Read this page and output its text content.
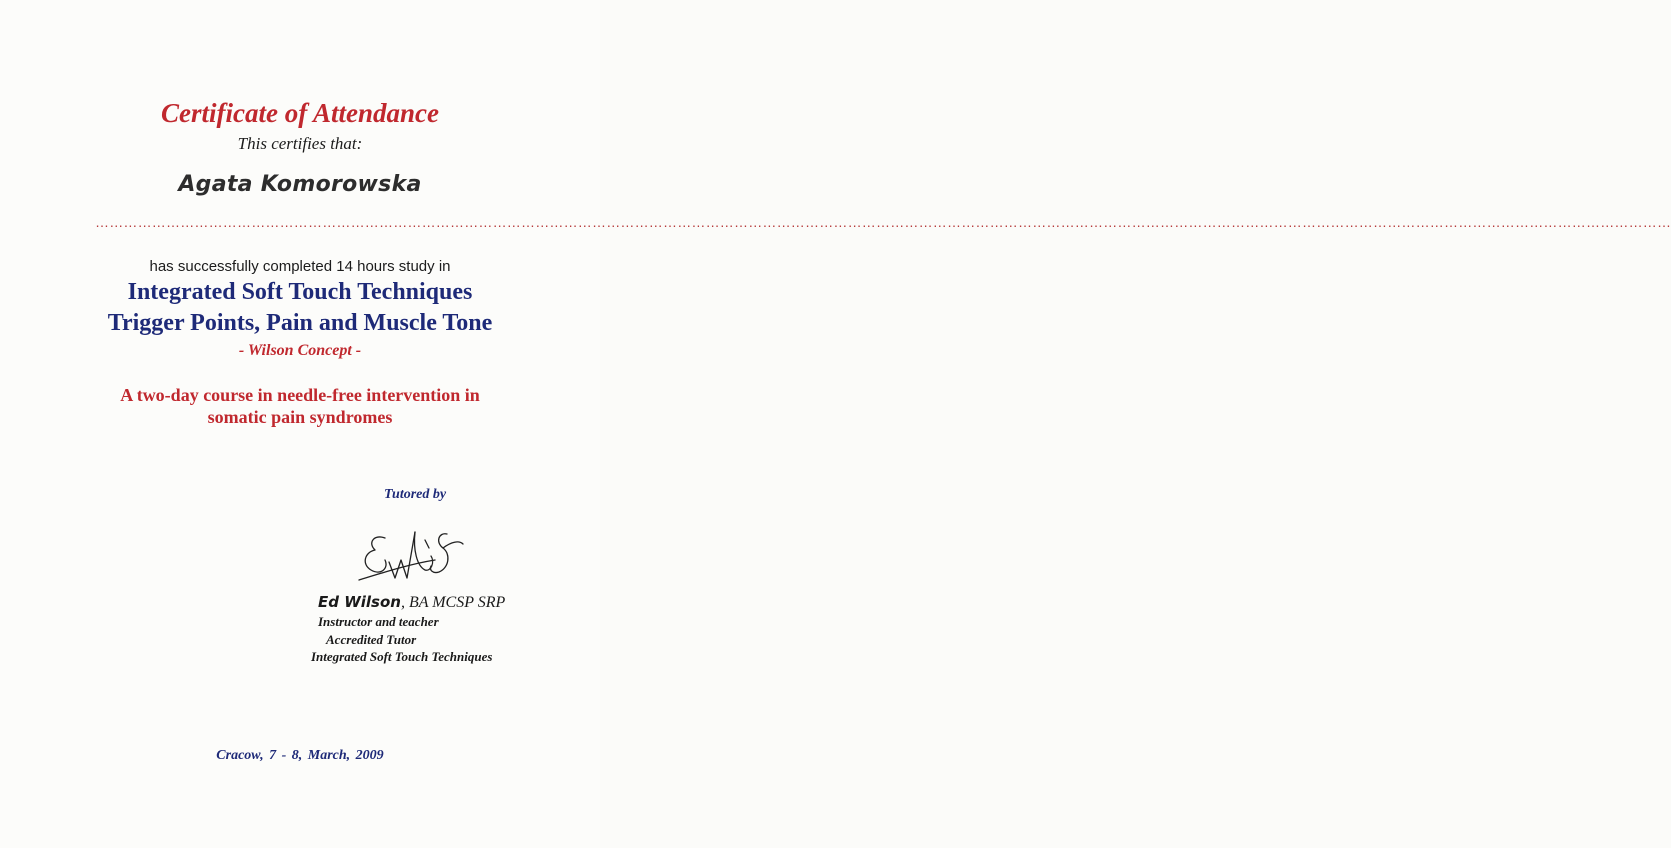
Certificate of Attendance
This certifies that:
Agata Komorowska
………………………………………………………………………………………………………………………………………………………………………………………………………………………………………………………………………………………………………
has successfully completed 14 hours study in
Integrated Soft Touch Techniques
Trigger Points, Pain and Muscle Tone
- Wilson Concept -
A two-day course in needle-free intervention in
somatic pain syndromes
Tutored by
Ed Wilson, BA MCSP SRP
Instructor and teacher
Accredited Tutor
Integrated Soft Touch Techniques
Cracow, 7 - 8, March, 2009
